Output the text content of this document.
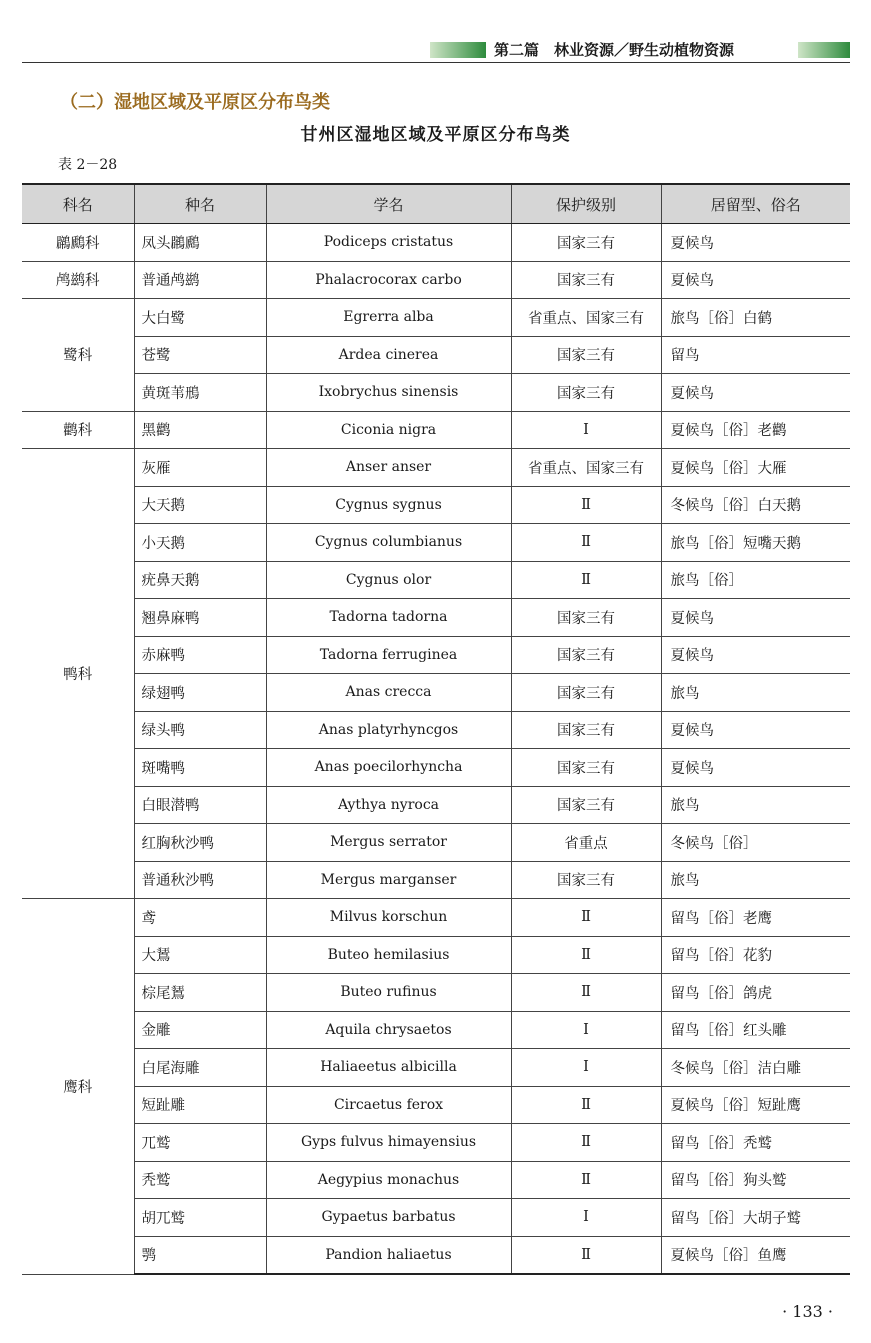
第二篇　林业资源／野生动植物资源
（二）湿地区域及平原区分布鸟类
甘州区湿地区域及平原区分布鸟类
表 2－28
科名	种名	学名	保护级别	居留型、俗名
鸊鷉科	凤头鸊鷉	Podiceps cristatus	国家三有	夏候鸟
鸬鹚科	普通鸬鹚	Phalacrocorax carbo	国家三有	夏候鸟
鹭科	大白鹭	Egrerra alba	省重点、国家三有	旅鸟［俗］白鹤
	苍鹭	Ardea cinerea	国家三有	留鸟
	黄斑苇鳽	Ixobrychus sinensis	国家三有	夏候鸟
鹳科	黑鹳	Ciconia nigra	Ⅰ	夏候鸟［俗］老鹳
鸭科	灰雁	Anser anser	省重点、国家三有	夏候鸟［俗］大雁
	大天鹅	Cygnus sygnus	Ⅱ	冬候鸟［俗］白天鹅
	小天鹅	Cygnus columbianus	Ⅱ	旅鸟［俗］短嘴天鹅
	疣鼻天鹅	Cygnus olor	Ⅱ	旅鸟［俗］
	翘鼻麻鸭	Tadorna tadorna	国家三有	夏候鸟
	赤麻鸭	Tadorna ferruginea	国家三有	夏候鸟
	绿翅鸭	Anas crecca	国家三有	旅鸟
	绿头鸭	Anas platyrhyncgos	国家三有	夏候鸟
	斑嘴鸭	Anas poecilorhyncha	国家三有	夏候鸟
	白眼潜鸭	Aythya nyroca	国家三有	旅鸟
	红胸秋沙鸭	Mergus serrator	省重点	冬候鸟［俗］
	普通秋沙鸭	Mergus marganser	国家三有	旅鸟
鹰科	鸢	Milvus korschun	Ⅱ	留鸟［俗］老鹰
	大鵟	Buteo hemilasius	Ⅱ	留鸟［俗］花豹
	棕尾鵟	Buteo rufinus	Ⅱ	留鸟［俗］鸽虎
	金雕	Aquila chrysaetos	Ⅰ	留鸟［俗］红头雕
	白尾海雕	Haliaeetus albicilla	Ⅰ	冬候鸟［俗］洁白雕
	短趾雕	Circaetus ferox	Ⅱ	夏候鸟［俗］短趾鹰
	兀鹫	Gyps fulvus himayensius	Ⅱ	留鸟［俗］秃鹫
	秃鹫	Aegypius monachus	Ⅱ	留鸟［俗］狗头鹫
	胡兀鹫	Gypaetus barbatus	Ⅰ	留鸟［俗］大胡子鹫
	鹗	Pandion haliaetus	Ⅱ	夏候鸟［俗］鱼鹰
· 133 ·
